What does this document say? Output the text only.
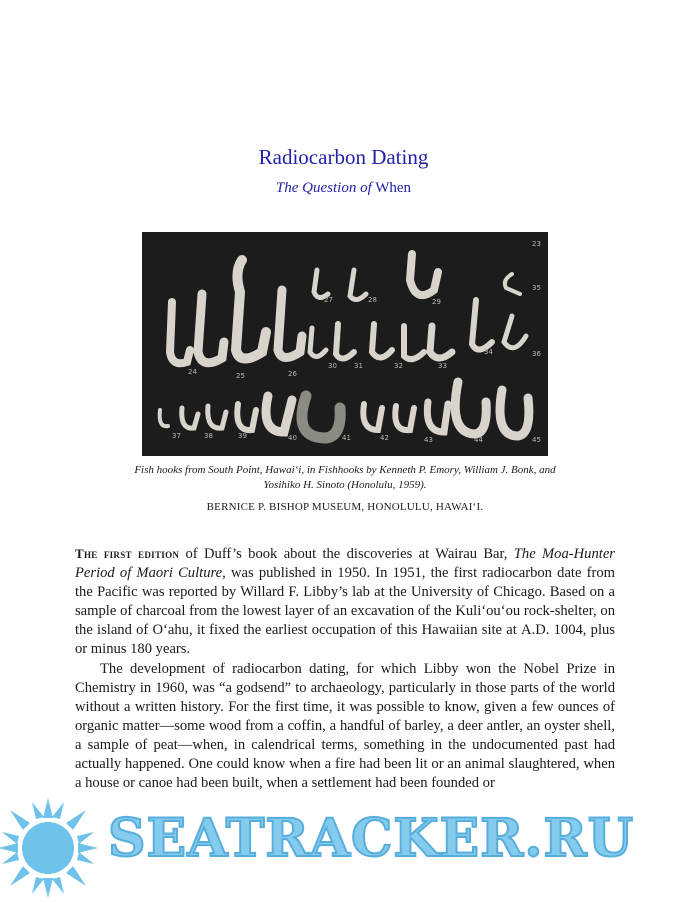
Radiocarbon Dating
The Question of When
23
24	25	26
27	28	29
30 31	32	33
34
35
36
37	38	39	40	41	42	43	44	45
Fish hooks from South Point, Hawai‘i, in Fishhooks by Kenneth P. Emory, William J. Bonk, and Yosihiko H. Sinoto (Honolulu, 1959).
BERNICE P. BISHOP MUSEUM, HONOLULU, HAWAI‘I.

The first edition of Duff’s book about the discoveries at Wairau Bar, The Moa-Hunter Period of Maori Culture, was published in 1950. In 1951, the first radiocarbon date from the Pacific was reported by Willard F. Libby’s lab at the University of Chicago. Based on a sample of charcoal from the lowest layer of an excavation of the Kuli‘ou‘ou rock-shelter, on the island of O‘ahu, it fixed the earliest occupation of this Hawaiian site at A.D. 1004, plus or minus 180 years.

The development of radiocarbon dating, for which Libby won the Nobel Prize in Chemistry in 1960, was “a godsend” to archaeology, particularly in those parts of the world without a written history. For the first time, it was possible to know, given a few ounces of organic matter—some wood from a coffin, a handful of barley, a deer antler, an oyster shell, a sample of peat—when, in calendrical terms, something in the undocumented past had actually happened. One could know when a fire had been lit or an animal slaughtered, when a house or canoe had been built, when a settlement had been founded or

SEATRACKER.RU
